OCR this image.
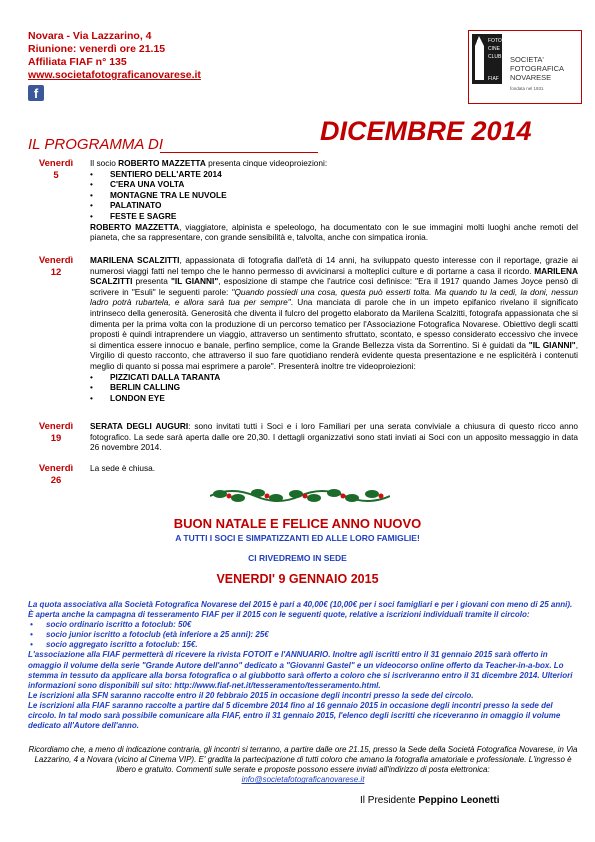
Novara - Via Lazzarino, 4
Riunione: venerdì ore 21.15
Affiliata FIAF n° 135
www.societafotograficanovarese.it
f
FOTO
CINE
CLUB
FIAF
SOCIETA'
FOTOGRAFICA
NOVARESE
fondata nel 1931
IL PROGRAMMA DI	DICEMBRE 2014
Venerdì
5
Il socio ROBERTO MAZZETTA presenta cinque videoproiezioni:
• SENTIERO DELL'ARTE 2014
• C'ERA UNA VOLTA
• MONTAGNE TRA LE NUVOLE
• PALATINATO
• FESTE E SAGRE
ROBERTO MAZZETTA, viaggiatore, alpinista e speleologo, ha documentato con le sue immagini molti luoghi anche remoti del pianeta, che sa rappresentare, con grande sensibilità e, talvolta, anche con simpatica ironia.
Venerdì
12
MARILENA SCALZITTI, appassionata di fotografia dall'età di 14 anni, ha sviluppato questo interesse con il reportage, grazie ai numerosi viaggi fatti nel tempo che le hanno permesso di avvicinarsi a molteplici culture e di portarne a casa il ricordo. MARILENA SCALZITTI presenta "IL GIANNI", esposizione di stampe che l'autrice così definisce: "Era il 1917 quando James Joyce pensò di scrivere in "Esuli" le seguenti parole: "Quando possiedi una cosa, questa può esserti tolta. Ma quando tu la cedi, la doni, nessun ladro potrà rubartela, e allora sarà tua per sempre". Una manciata di parole che in un impeto epifanico rivelano il significato intrinseco della generosità. Generosità che diventa il fulcro del progetto elaborato da Marilena Scalzitti, fotografa appassionata che si dimenta per la prima volta con la produzione di un percorso tematico per l'Associazione Fotografica Novarese. Obiettivo degli scatti proposti è quindi intraprendere un viaggio, attraverso un sentimento sfruttato, scontato, e spesso considerato eccessivo che invece si dimentica essere innocuo e banale, perfino semplice, come la Grande Bellezza vista da Sorrentino. Si è guidati da "IL GIANNI", Virgilio di questo racconto, che attraverso il suo fare quotidiano renderà evidente questa presentazione e ne esplicitérà i contenuti meglio di quanto si possa mai esprimere a parole". Presenterà inoltre tre videoproiezioni:
• PIZZICATI DALLA TARANTA
• BERLIN CALLING
• LONDON EYE
Venerdì
19
SERATA DEGLI AUGURI: sono invitati tutti i Soci e i loro Familiari per una serata conviviale a chiusura di questo ricco anno fotografico. La sede sarà aperta dalle ore 20,30. I dettagli organizzativi sono stati inviati ai Soci con un apposito messaggio in data 26 novembre 2014.
Venerdì
26
La sede è chiusa.
BUON NATALE E FELICE ANNO NUOVO
A TUTTI I SOCI E SIMPATIZZANTI ED ALLE LORO FAMIGLIE!
CI RIVEDREMO IN SEDE
VENERDI' 9 GENNAIO 2015
La quota associativa alla Società Fotografica Novarese del 2015 è pari a 40,00€ (10,00€ per i soci famigliari e per i giovani con meno di 25 anni).
È aperta anche la campagna di tesseramento FIAF per il 2015 con le seguenti quote, relative a iscrizioni individuali tramite il circolo:
• socio ordinario iscritto a fotoclub: 50€
• socio junior iscritto a fotoclub (età inferiore a 25 anni): 25€
• socio aggregato iscritto a fotoclub: 15€.
L'associazione alla FIAF permetterà di ricevere la rivista FOTOIT e l'ANNUARIO. Inoltre agli iscritti entro il 31 gennaio 2015 sarà offerto in omaggio il volume della serie "Grande Autore dell'anno" dedicato a "Giovanni Gastel" e un videocorso online offerto da Teacher-in-a-box. Lo stemma in tessuto da applicare alla borsa fotografica o al giubbotto sarà offerto a coloro che si iscriveranno entro il 31 dicembre 2014. Ulteriori informazioni sono disponibili sul sito: http://www.fiaf-net.it/tesseramento/tesseramento.html.
Le iscrizioni alla SFN saranno raccolte entro il 20 febbraio 2015 in occasione degli incontri presso la sede del circolo.
Le iscrizioni alla FIAF saranno raccolte a partire dal 5 dicembre 2014 fino al 16 gennaio 2015 in occasione degli incontri presso la sede del circolo. In tal modo sarà possibile comunicare alla FIAF, entro il 31 gennaio 2015, l'elenco degli iscritti che riceveranno in omaggio il volume dedicato all'Autore dell'anno.
Ricordiamo che, a meno di indicazione contraria, gli incontri si terranno, a partire dalle ore 21.15, presso la Sede della Società Fotografica Novarese, in Via Lazzarino, 4 a Novara (vicino al Cinema VIP). E' gradita la partecipazione di tutti coloro che amano la fotografia amatoriale e professionale. L'ingresso è libero e gratuito. Commenti sulle serate e proposte possono essere inviati all'indirizzo di posta elettronica:
info@societafotograficanovarese.it
Il Presidente Peppino Leonetti
